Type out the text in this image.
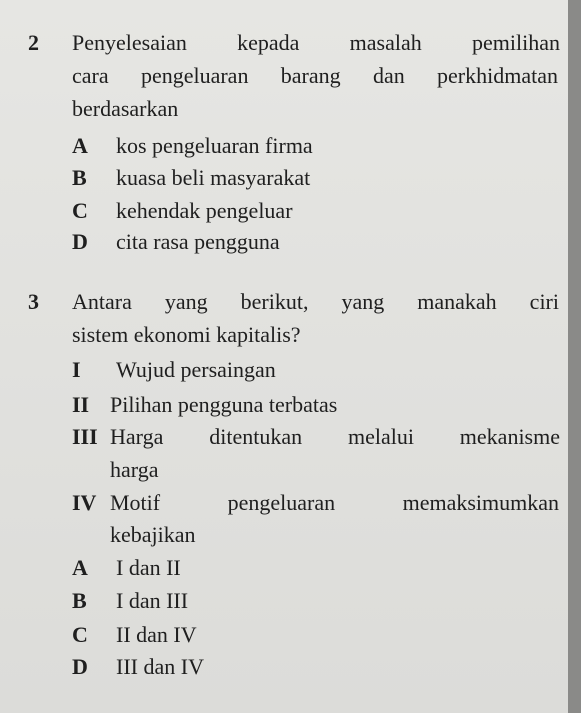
2 Penyelesaian kepada masalah pemilihan
cara pengeluaran barang dan perkhidmatan
berdasarkan
A kos pengeluaran firma
B kuasa beli masyarakat
C kehendak pengeluar
D cita rasa pengguna
3 Antara yang berikut, yang manakah ciri
sistem ekonomi kapitalis?
I Wujud persaingan
II Pilihan pengguna terbatas
III Harga ditentukan melalui mekanisme
harga
IV Motif pengeluaran memaksimumkan
kebajikan
A I dan II
B I dan III
C II dan IV
D III dan IV
